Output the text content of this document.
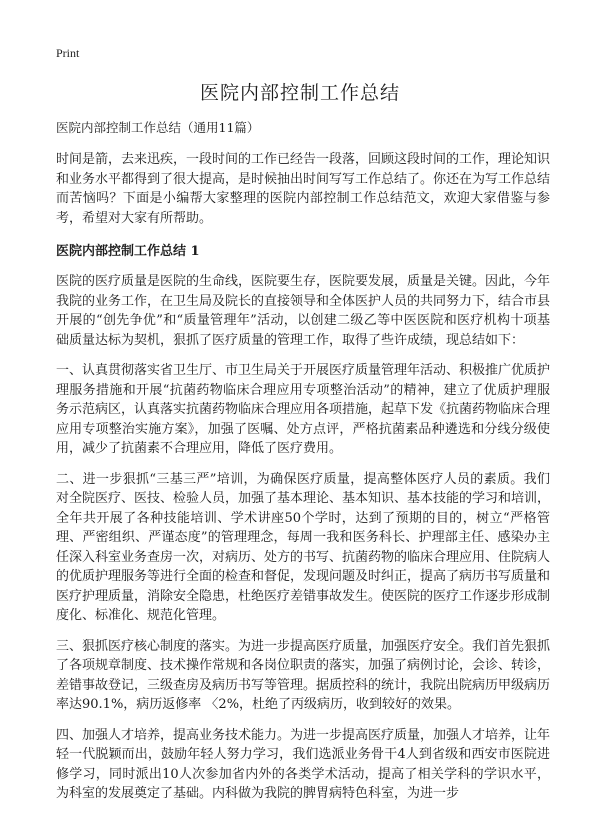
Print
医院内部控制工作总结

医院内部控制工作总结（通用11篇）

时间是箭，去来迅疾，一段时间的工作已经告一段落，回顾这段时间的工作，理论知识和业务水平都得到了很大提高，是时候抽出时间写写工作总结了。你还在为写工作总结而苦恼吗？下面是小编帮大家整理的医院内部控制工作总结范文，欢迎大家借鉴与参考，希望对大家有所帮助。

医院内部控制工作总结 1

医院的医疗质量是医院的生命线，医院要生存，医院要发展，质量是关键。因此，今年我院的业务工作，在卫生局及院长的直接领导和全体医护人员的共同努力下，结合市县开展的“创先争优”和“质量管理年”活动，以创建二级乙等中医医院和医疗机构十项基础质量达标为契机，狠抓了医疗质量的管理工作，取得了些许成绩，现总结如下：

一、认真贯彻落实省卫生厅、市卫生局关于开展医疗质量管理年活动、积极推广优质护理服务措施和开展“抗菌药物临床合理应用专项整治活动”的精神，建立了优质护理服务示范病区，认真落实抗菌药物临床合理应用各项措施，起草下发《抗菌药物临床合理应用专项整治实施方案》，加强了医嘱、处方点评，严格抗菌素品种遴选和分线分级使用，减少了抗菌素不合理应用，降低了医疗费用。

二、进一步狠抓“三基三严”培训，为确保医疗质量，提高整体医疗人员的素质。我们对全院医疗、医技、检验人员，加强了基本理论、基本知识、基本技能的学习和培训，全年共开展了各种技能培训、学术讲座50个学时，达到了预期的目的，树立“严格管理、严密组织、严谨态度”的管理理念，每周一我和医务科长、护理部主任、感染办主任深入科室业务查房一次，对病历、处方的书写、抗菌药物的临床合理应用、住院病人的优质护理服务等进行全面的检查和督促，发现问题及时纠正，提高了病历书写质量和医疗护理质量，消除安全隐患，杜绝医疗差错事故发生。使医院的医疗工作逐步形成制度化、标准化、规范化管理。

三、狠抓医疗核心制度的落实。为进一步提高医疗质量，加强医疗安全。我们首先狠抓了各项规章制度、技术操作常规和各岗位职责的落实，加强了病例讨论，会诊、转诊，差错事故登记，三级查房及病历书写等管理。据质控科的统计，我院出院病历甲级病历率达90.1%，病历返修率 〈2%，杜绝了丙级病历，收到较好的效果。

四、加强人才培养，提高业务技术能力。为进一步提高医疗质量，加强人才培养，让年轻一代脱颖而出，鼓励年轻人努力学习，我们选派业务骨干4人到省级和西安市医院进修学习，同时派出10人次参加省内外的各类学术活动，提高了相关学科的学识水平，为科室的发展奠定了基础。内科做为我院的脾胃病特色科室，为进一步
